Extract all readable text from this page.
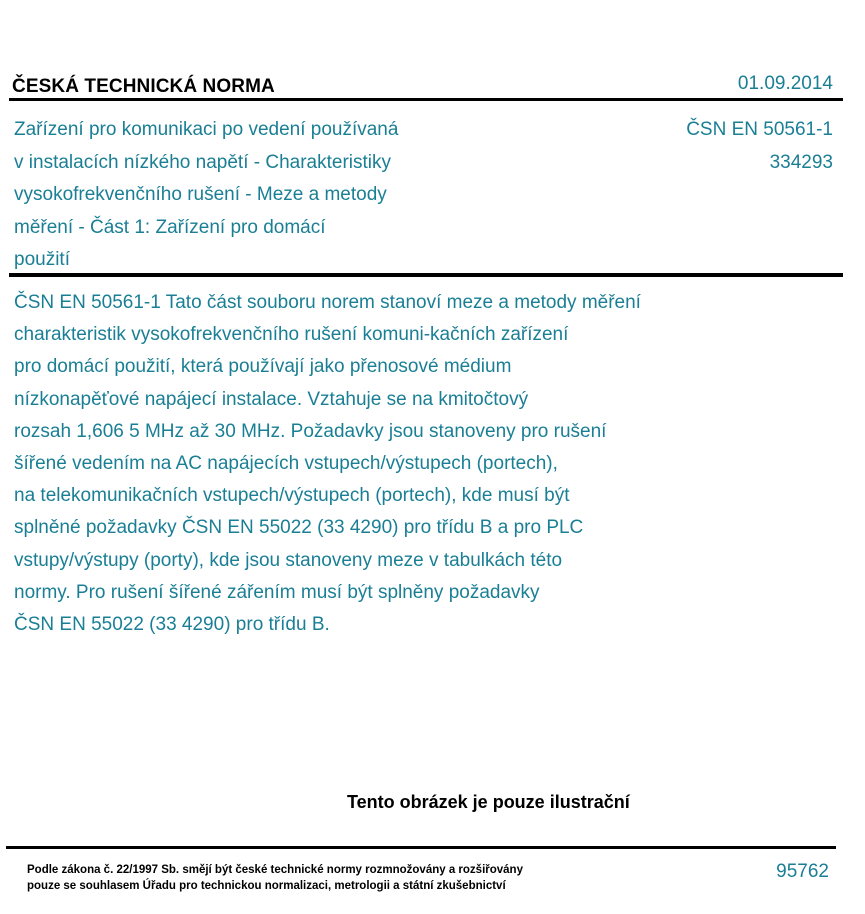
ČESKÁ TECHNICKÁ NORMA	01.09.2014
Zařízení pro komunikaci po vedení používaná
v instalacích nízkého napětí - Charakteristiky
vysokofrekvenčního rušení - Meze a metody
měření - Část 1: Zařízení pro domácí
použití
ČSN EN 50561-1
334293
ČSN EN 50561-1 Tato část souboru norem stanoví meze a metody měření
charakteristik vysokofrekvenčního rušení komuni-kačních zařízení
pro domácí použití, která používají jako přenosové médium
nízkonapěťové napájecí instalace. Vztahuje se na kmitočtový
rozsah 1,606 5 MHz až 30 MHz. Požadavky jsou stanoveny pro rušení
šířené vedením na AC napájecích vstupech/výstupech (portech),
na telekomunikačních vstupech/výstupech (portech), kde musí být
splněné požadavky ČSN EN 55022 (33 4290) pro třídu B a pro PLC
vstupy/výstupy (porty), kde jsou stanoveny meze v tabulkách této
normy. Pro rušení šířené zářením musí být splněny požadavky
ČSN EN 55022 (33 4290) pro třídu B.
Tento obrázek je pouze ilustrační
Podle zákona č. 22/1997 Sb. smějí být české technické normy rozmnožovány a rozšiřovány
pouze se souhlasem Úřadu pro technickou normalizaci, metrologii a státní zkušebnictví
95762
